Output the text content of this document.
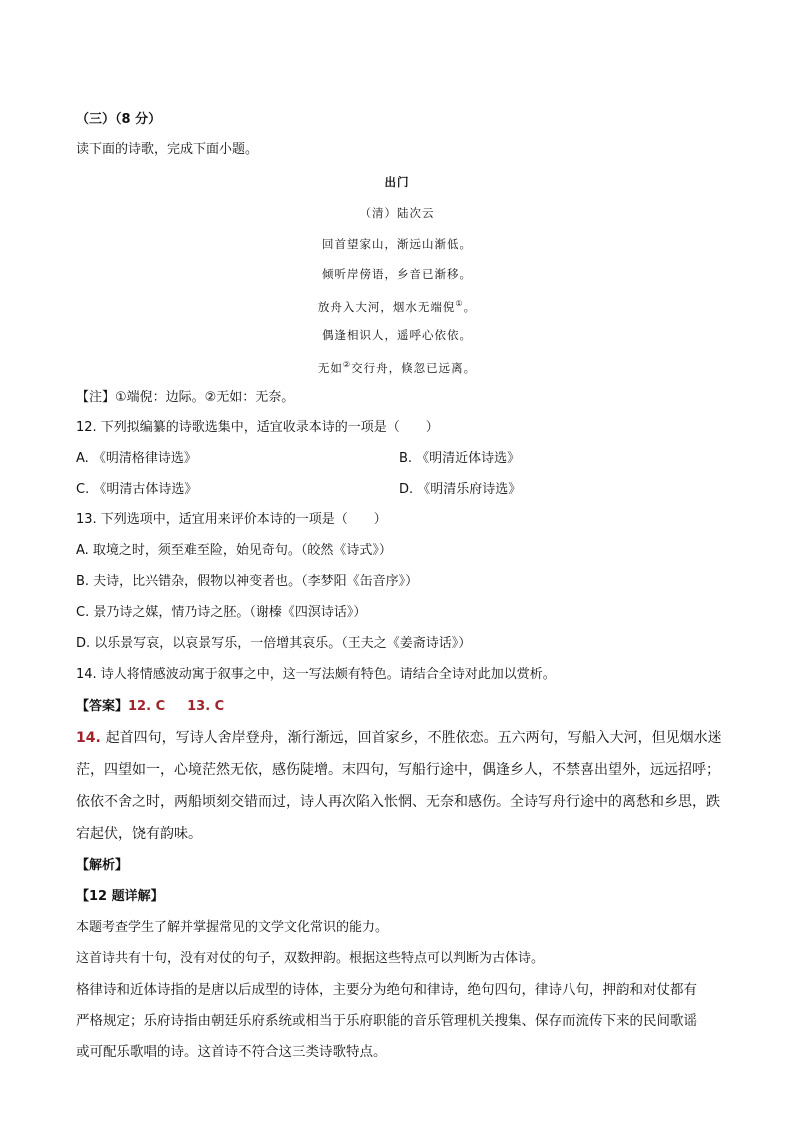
（三）（8 分）
读下面的诗歌，完成下面小题。
出门
（清）陆次云
回首望家山，渐远山渐低。
倾听岸傍语，乡音已渐移。
放舟入大河，烟水无端倪①。
偶逢相识人，遥呼心依依。
无如②交行舟，倏忽已远离。
【注】①端倪：边际。②无如：无奈。
12. 下列拟编纂的诗歌选集中，适宜收录本诗的一项是（　　）
A. 《明清格律诗选》	B. 《明清近体诗选》
C. 《明清古体诗选》	D. 《明清乐府诗选》
13. 下列选项中，适宜用来评价本诗的一项是（　　）
A. 取境之时，须至难至险，始见奇句。（皎然《诗式》）
B. 夫诗，比兴错杂，假物以神变者也。（李梦阳《缶音序》）
C. 景乃诗之媒，情乃诗之胚。（谢榛《四溟诗话》）
D. 以乐景写哀，以哀景写乐，一倍增其哀乐。（王夫之《姜斋诗话》）
14. 诗人将情感波动寓于叙事之中，这一写法颇有特色。请结合全诗对此加以赏析。
【答案】12. C 13. C
14. 起首四句，写诗人舍岸登舟，渐行渐远，回首家乡，不胜依恋。五六两句，写船入大河，但见烟水迷
茫，四望如一，心境茫然无依，感伤陡增。末四句，写船行途中，偶逢乡人，不禁喜出望外，远远招呼；
依依不舍之时，两船顷刻交错而过，诗人再次陷入怅惘、无奈和感伤。全诗写舟行途中的离愁和乡思，跌
宕起伏，饶有韵味。
【解析】
【12 题详解】
本题考查学生了解并掌握常见的文学文化常识的能力。
这首诗共有十句，没有对仗的句子，双数押韵。根据这些特点可以判断为古体诗。
格律诗和近体诗指的是唐以后成型的诗体，主要分为绝句和律诗，绝句四句，律诗八句，押韵和对仗都有
严格规定；乐府诗指由朝廷乐府系统或相当于乐府职能的音乐管理机关搜集、保存而流传下来的民间歌谣
或可配乐歌唱的诗。这首诗不符合这三类诗歌特点。
